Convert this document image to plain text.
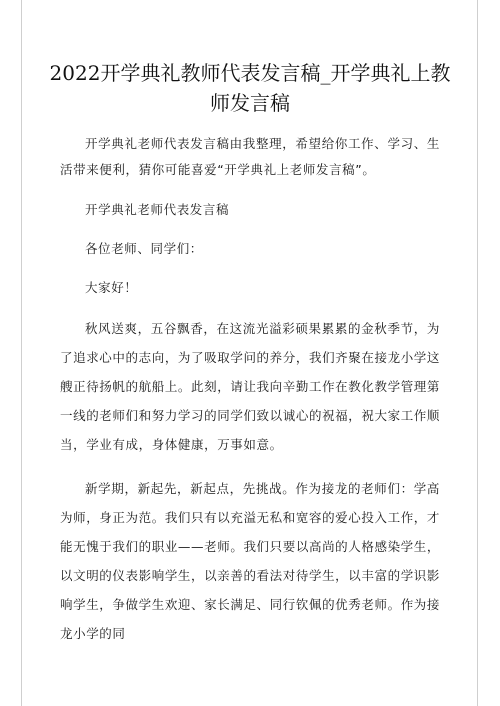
2022开学典礼教师代表发言稿_开学典礼上教师发言稿

开学典礼老师代表发言稿由我整理，希望给你工作、学习、生活带来便利，猜你可能喜爱“开学典礼上老师发言稿”。

开学典礼老师代表发言稿

各位老师、同学们：

大家好！

秋风送爽，五谷飘香，在这流光溢彩硕果累累的金秋季节，为了追求心中的志向，为了吸取学问的养分，我们齐聚在接龙小学这艘正待扬帆的航船上。此刻，请让我向辛勤工作在教化教学管理第一线的老师们和努力学习的同学们致以诚心的祝福，祝大家工作顺当，学业有成，身体健康，万事如意。

新学期，新起先，新起点，先挑战。作为接龙的老师们：学高为师，身正为范。我们只有以充溢无私和宽容的爱心投入工作，才能无愧于我们的职业——老师。我们只要以高尚的人格感染学生，以文明的仪表影响学生，以亲善的看法对待学生，以丰富的学识影响学生，争做学生欢迎、家长满足、同行钦佩的优秀老师。作为接龙小学的同
